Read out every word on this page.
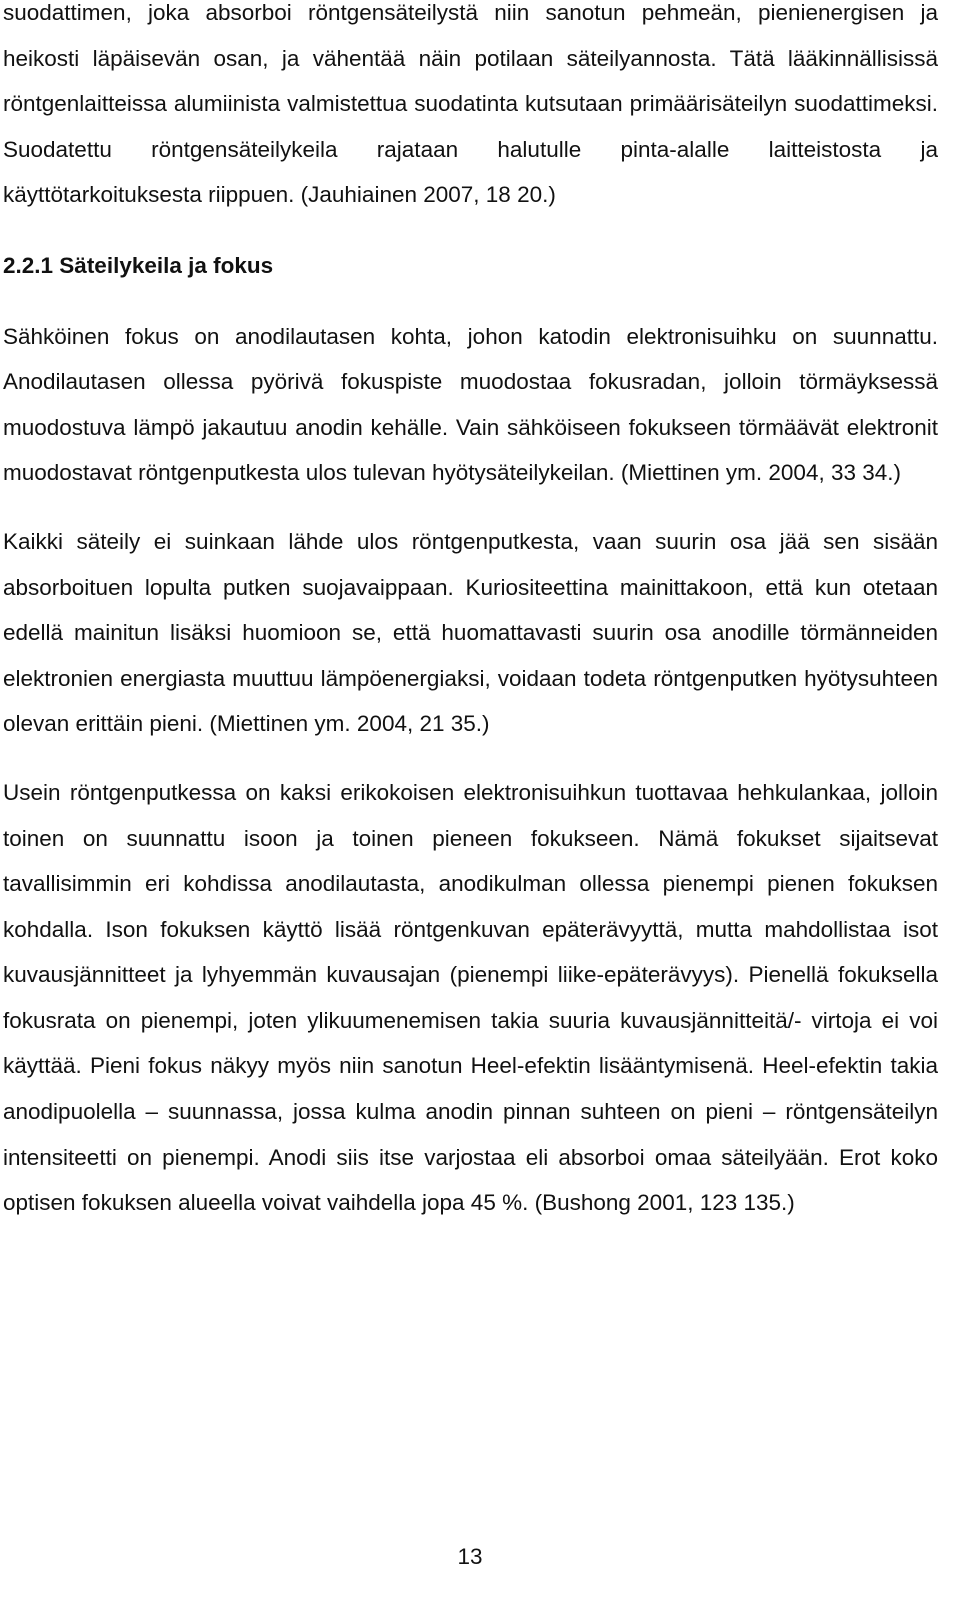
suodattimen, joka absorboi röntgensäteilystä niin sanotun pehmeän, pienienergisen ja heikosti läpäisevän osan, ja vähentää näin potilaan säteilyannosta. Tätä lääkinnällisissä röntgenlaitteissa alumiinista valmistettua suodatinta kutsutaan primäärisäteilyn suodattimeksi. Suodatettu röntgensäteilykeila rajataan halutulle pinta-alalle laitteistosta ja käyttötarkoituksesta riippuen. (Jauhiainen 2007, 18 20.)

2.2.1 Säteilykeila ja fokus

Sähköinen fokus on anodilautasen kohta, johon katodin elektronisuihku on suunnattu. Anodilautasen ollessa pyörivä fokuspiste muodostaa fokusradan, jolloin törmäyksessä muodostuva lämpö jakautuu anodin kehälle. Vain sähköiseen fokukseen törmäävät elektronit muodostavat röntgenputkesta ulos tulevan hyötysäteilykeilan. (Miettinen ym. 2004, 33 34.)

Kaikki säteily ei suinkaan lähde ulos röntgenputkesta, vaan suurin osa jää sen sisään absorboituen lopulta putken suojavaippaan. Kuriositeettina mainittakoon, että kun otetaan edellä mainitun lisäksi huomioon se, että huomattavasti suurin osa anodille törmänneiden elektronien energiasta muuttuu lämpöenergiaksi, voidaan todeta röntgenputken hyötysuhteen olevan erittäin pieni. (Miettinen ym. 2004, 21 35.)

Usein röntgenputkessa on kaksi erikokoisen elektronisuihkun tuottavaa hehkulankaa, jolloin toinen on suunnattu isoon ja toinen pieneen fokukseen. Nämä fokukset sijaitsevat tavallisimmin eri kohdissa anodilautasta, anodikulman ollessa pienempi pienen fokuksen kohdalla. Ison fokuksen käyttö lisää röntgenkuvan epäterävyyttä, mutta mahdollistaa isot kuvausjännitteet ja lyhyemmän kuvausajan (pienempi liike-epäterävyys). Pienellä fokuksella fokusrata on pienempi, joten ylikuumenemisen takia suuria kuvausjännitteitä/- virtoja ei voi käyttää. Pieni fokus näkyy myös niin sanotun Heel-efektin lisääntymisenä. Heel-efektin takia anodipuolella – suunnassa, jossa kulma anodin pinnan suhteen on pieni – röntgensäteilyn intensiteetti on pienempi. Anodi siis itse varjostaa eli absorboi omaa säteilyään. Erot koko optisen fokuksen alueella voivat vaihdella jopa 45 %. (Bushong 2001, 123 135.)

13
